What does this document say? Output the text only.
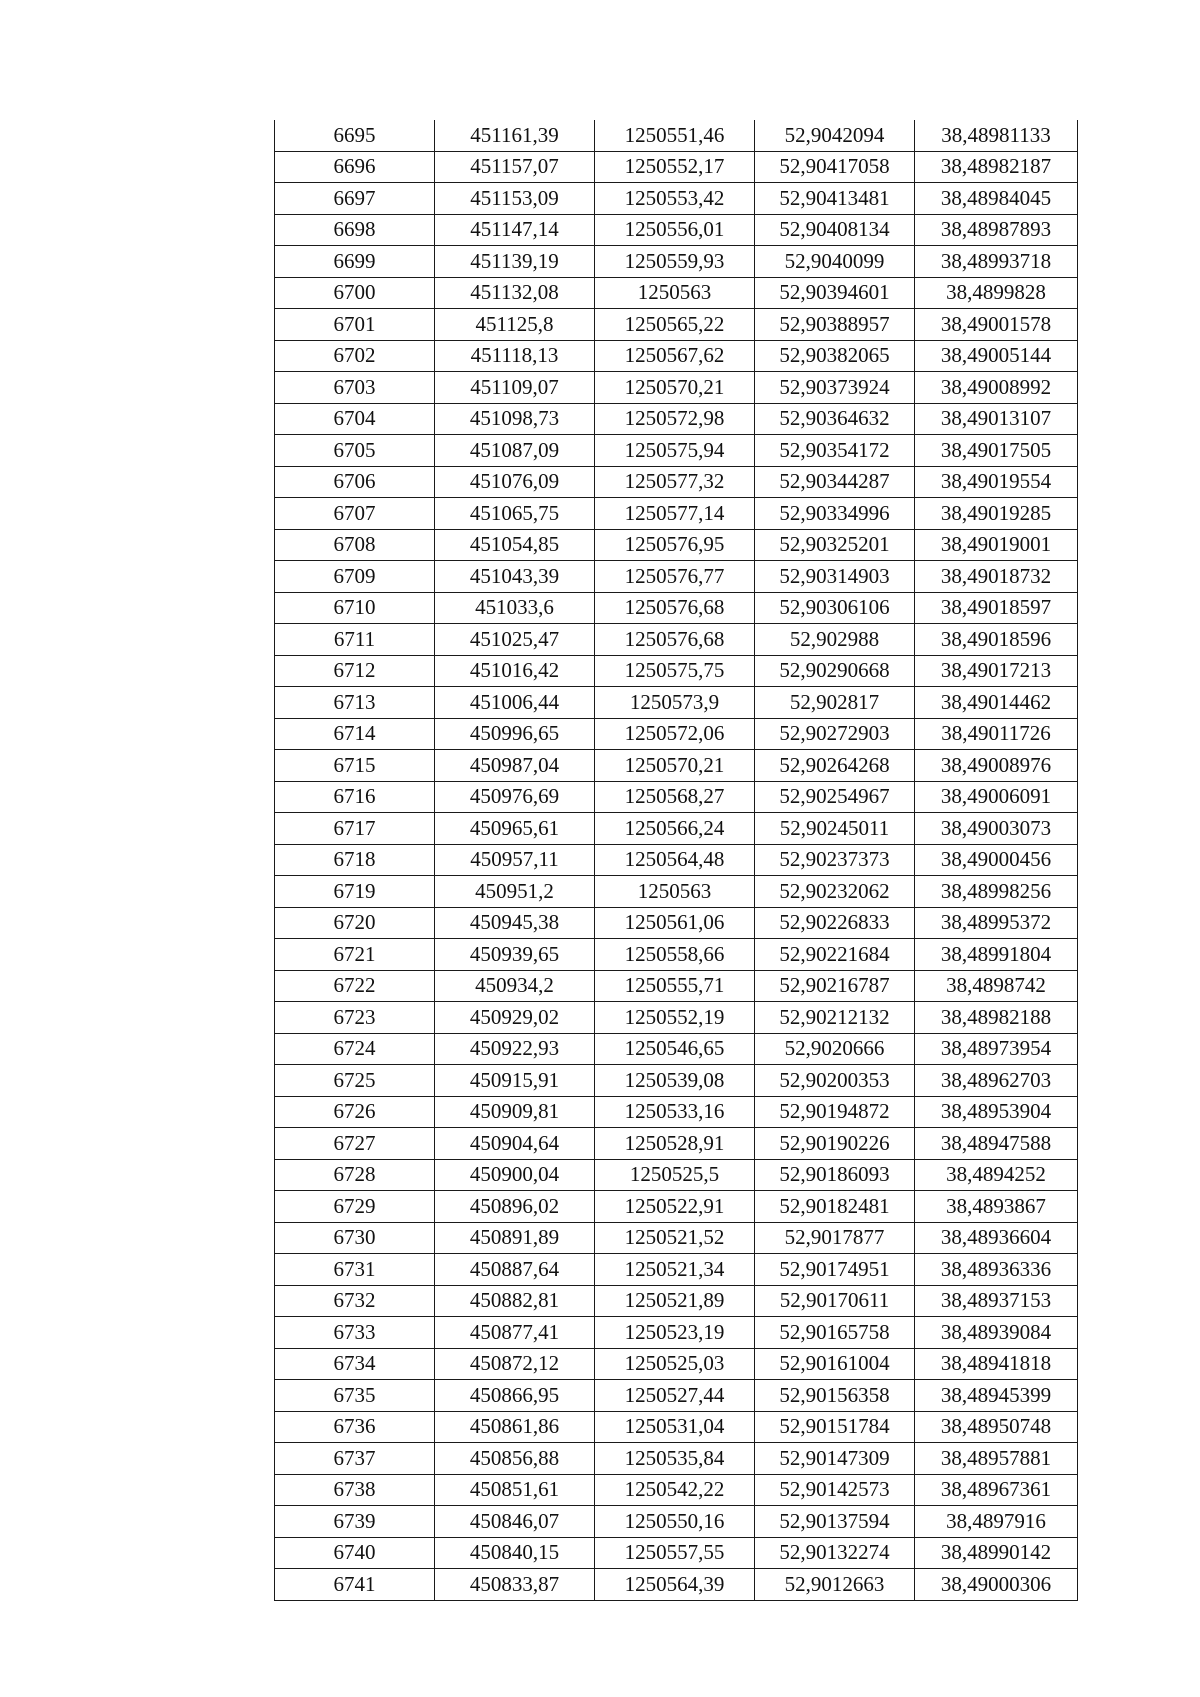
6695	451161,39	1250551,46	52,9042094	38,48981133
6696	451157,07	1250552,17	52,90417058	38,48982187
6697	451153,09	1250553,42	52,90413481	38,48984045
6698	451147,14	1250556,01	52,90408134	38,48987893
6699	451139,19	1250559,93	52,9040099	38,48993718
6700	451132,08	1250563	52,90394601	38,4899828
6701	451125,8	1250565,22	52,90388957	38,49001578
6702	451118,13	1250567,62	52,90382065	38,49005144
6703	451109,07	1250570,21	52,90373924	38,49008992
6704	451098,73	1250572,98	52,90364632	38,49013107
6705	451087,09	1250575,94	52,90354172	38,49017505
6706	451076,09	1250577,32	52,90344287	38,49019554
6707	451065,75	1250577,14	52,90334996	38,49019285
6708	451054,85	1250576,95	52,90325201	38,49019001
6709	451043,39	1250576,77	52,90314903	38,49018732
6710	451033,6	1250576,68	52,90306106	38,49018597
6711	451025,47	1250576,68	52,902988	38,49018596
6712	451016,42	1250575,75	52,90290668	38,49017213
6713	451006,44	1250573,9	52,902817	38,49014462
6714	450996,65	1250572,06	52,90272903	38,49011726
6715	450987,04	1250570,21	52,90264268	38,49008976
6716	450976,69	1250568,27	52,90254967	38,49006091
6717	450965,61	1250566,24	52,90245011	38,49003073
6718	450957,11	1250564,48	52,90237373	38,49000456
6719	450951,2	1250563	52,90232062	38,48998256
6720	450945,38	1250561,06	52,90226833	38,48995372
6721	450939,65	1250558,66	52,90221684	38,48991804
6722	450934,2	1250555,71	52,90216787	38,4898742
6723	450929,02	1250552,19	52,90212132	38,48982188
6724	450922,93	1250546,65	52,9020666	38,48973954
6725	450915,91	1250539,08	52,90200353	38,48962703
6726	450909,81	1250533,16	52,90194872	38,48953904
6727	450904,64	1250528,91	52,90190226	38,48947588
6728	450900,04	1250525,5	52,90186093	38,4894252
6729	450896,02	1250522,91	52,90182481	38,4893867
6730	450891,89	1250521,52	52,9017877	38,48936604
6731	450887,64	1250521,34	52,90174951	38,48936336
6732	450882,81	1250521,89	52,90170611	38,48937153
6733	450877,41	1250523,19	52,90165758	38,48939084
6734	450872,12	1250525,03	52,90161004	38,48941818
6735	450866,95	1250527,44	52,90156358	38,48945399
6736	450861,86	1250531,04	52,90151784	38,48950748
6737	450856,88	1250535,84	52,90147309	38,48957881
6738	450851,61	1250542,22	52,90142573	38,48967361
6739	450846,07	1250550,16	52,90137594	38,4897916
6740	450840,15	1250557,55	52,90132274	38,48990142
6741	450833,87	1250564,39	52,9012663	38,49000306
